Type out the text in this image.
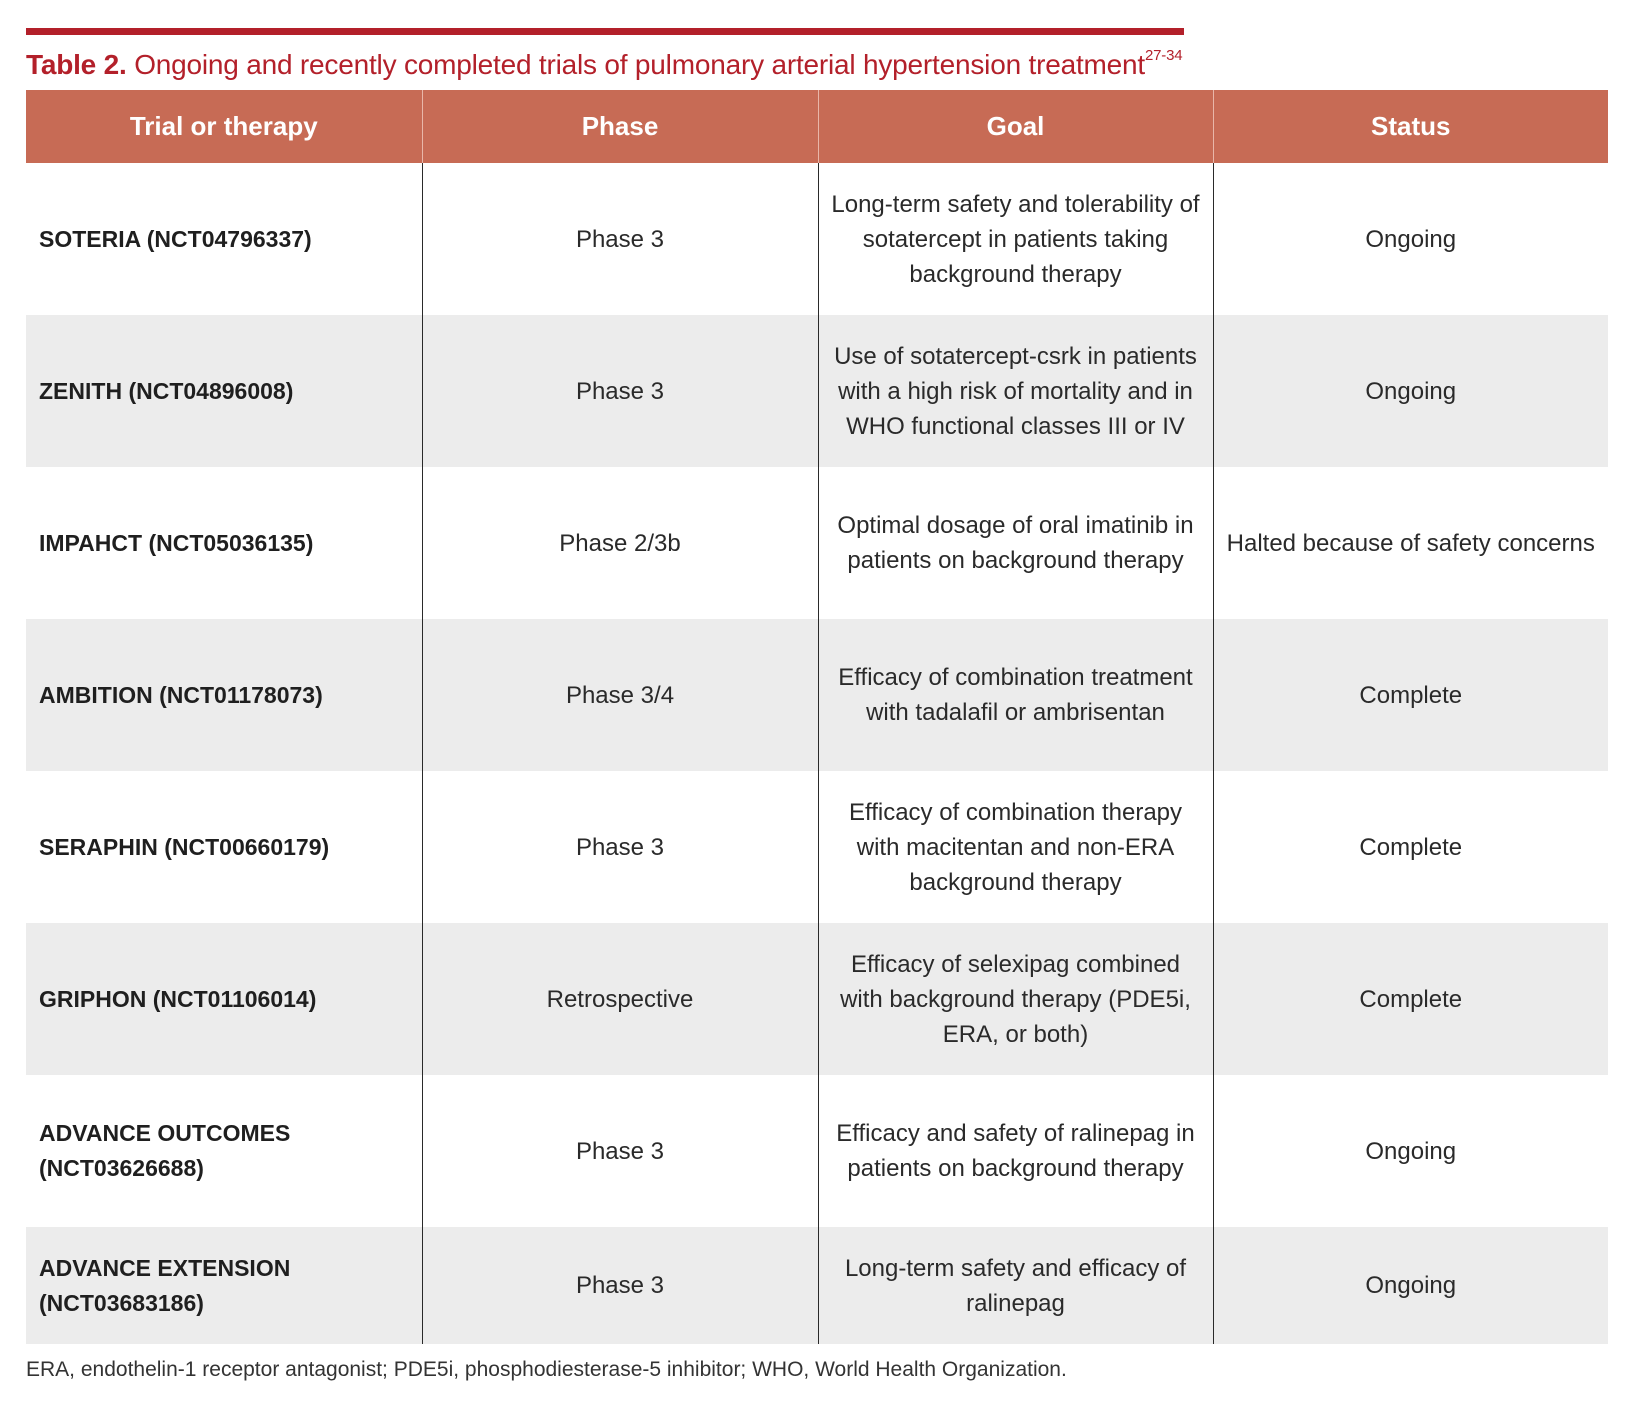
Table 2. Ongoing and recently completed trials of pulmonary arterial hypertension treatment$^{27-34}$
Trial or therapy	Phase	Goal	Status
SOTERIA (NCT04796337)	Phase 3	Long-term safety and tolerability of sotatercept in patients taking background therapy	Ongoing
ZENITH (NCT04896008)	Phase 3	Use of sotatercept-csrk in patients with a high risk of mortality and in WHO functional classes III or IV	Ongoing
IMPAHCT (NCT05036135)	Phase 2/3b	Optimal dosage of oral imatinib in patients on background therapy	Halted because of safety concerns
AMBITION (NCT01178073)	Phase 3/4	Efficacy of combination treatment with tadalafil or ambrisentan	Complete
SERAPHIN (NCT00660179)	Phase 3	Efficacy of combination therapy with macitentan and non-ERA background therapy	Complete
GRIPHON (NCT01106014)	Retrospective	Efficacy of selexipag combined with background therapy (PDE5i, ERA, or both)	Complete
ADVANCE OUTCOMES (NCT03626688)	Phase 3	Efficacy and safety of ralinepag in patients on background therapy	Ongoing
ADVANCE EXTENSION (NCT03683186)	Phase 3	Long-term safety and efficacy of ralinepag	Ongoing
ERA, endothelin-1 receptor antagonist; PDE5i, phosphodiesterase-5 inhibitor; WHO, World Health Organization.
